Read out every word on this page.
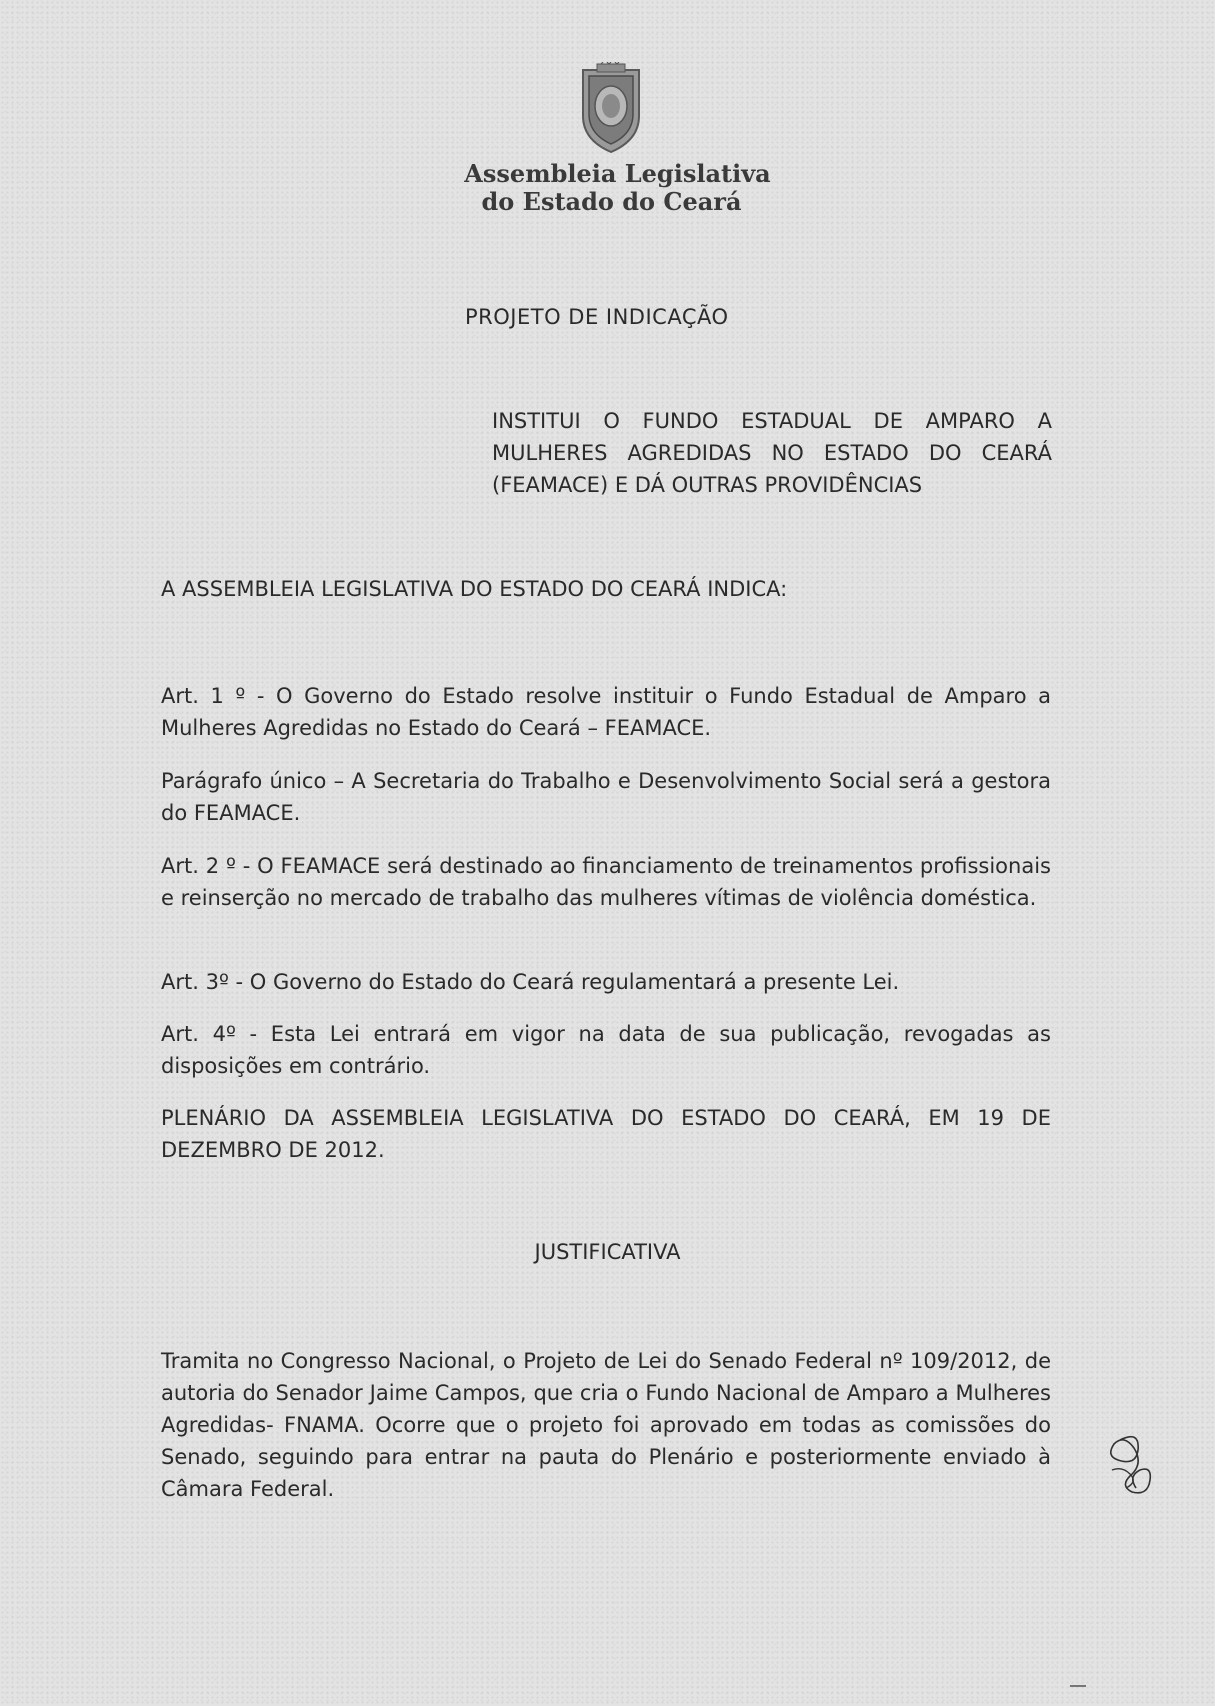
Assembleia Legislativa
do Estado do Ceará
PROJETO DE INDICAÇÃO
INSTITUI O FUNDO ESTADUAL DE AMPARO A MULHERES AGREDIDAS NO ESTADO DO CEARÁ (FEAMACE) E DÁ OUTRAS PROVIDÊNCIAS
A ASSEMBLEIA LEGISLATIVA DO ESTADO DO CEARÁ INDICA:
Art. 1 º - O Governo do Estado resolve instituir o Fundo Estadual de Amparo a Mulheres Agredidas no Estado do Ceará – FEAMACE.
Parágrafo único – A Secretaria do Trabalho e Desenvolvimento Social será a gestora do FEAMACE.
Art. 2 º - O FEAMACE será destinado ao financiamento de treinamentos profissionais e reinserção no mercado de trabalho das mulheres vítimas de violência doméstica.
Art. 3º - O Governo do Estado do Ceará regulamentará a presente Lei.
Art. 4º - Esta Lei entrará em vigor na data de sua publicação, revogadas as disposições em contrário.
PLENÁRIO DA ASSEMBLEIA LEGISLATIVA DO ESTADO DO CEARÁ, EM 19 DE DEZEMBRO DE 2012.
JUSTIFICATIVA
Tramita no Congresso Nacional, o Projeto de Lei do Senado Federal nº 109/2012, de autoria do Senador Jaime Campos, que cria o Fundo Nacional de Amparo a Mulheres Agredidas- FNAMA. Ocorre que o projeto foi aprovado em todas as comissões do Senado, seguindo para entrar na pauta do Plenário e posteriormente enviado à Câmara Federal.
